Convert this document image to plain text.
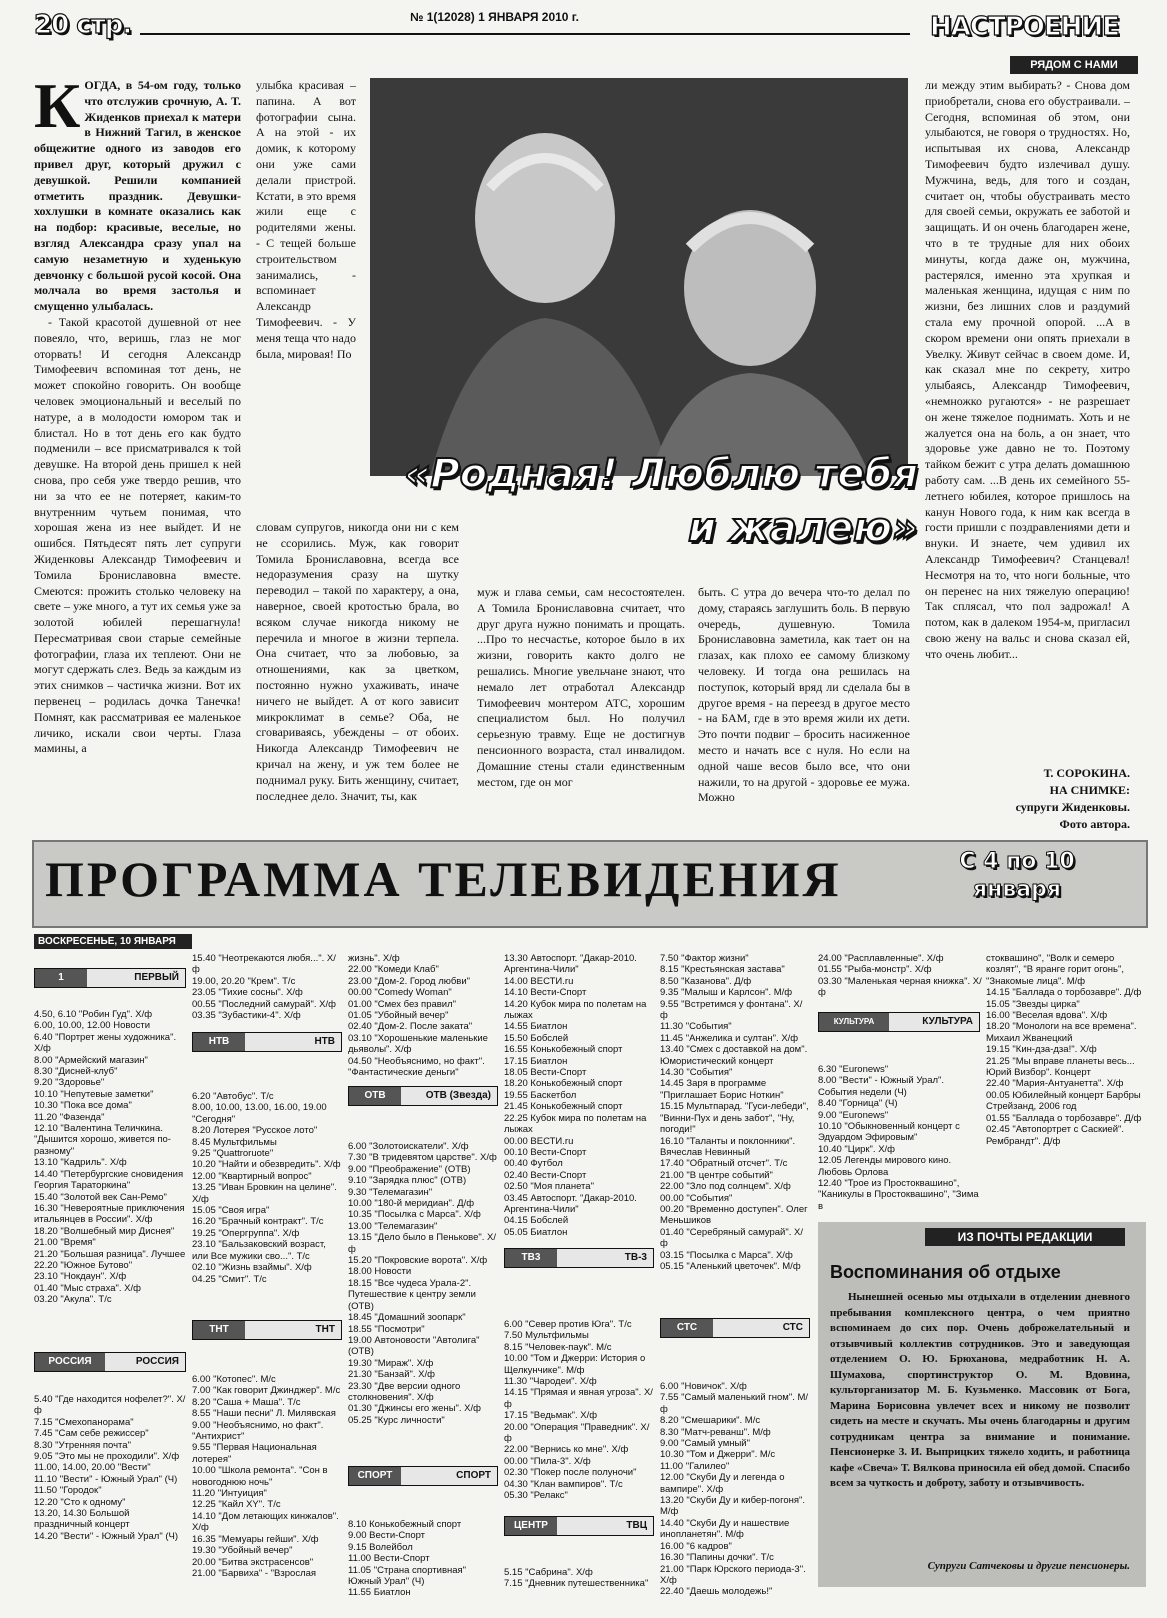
20 стр.	№ 1(12028) 1 ЯНВАРЯ 2010 г.	НАСТРОЕНИЕ
РЯДОМ С НАМИ

КОГДА, в 54-ом году, только что отслужив срочную, А. Т. Жиденков приехал к матери в Нижний Тагил, в женское общежитие одного из заводов его привел друг, который дружил с девушкой. Решили компанией отметить праздник. Девушки-хохлушки в комнате оказались как на подбор: красивые, веселые, но взгляд Александра сразу упал на самую незаметную и худенькую девчонку с большой русой косой. Она молчала во время застолья и смущенно улыбалась.

- Такой красотой душевной от нее повеяло, что, веришь, глаз не мог оторвать! И сегодня Александр Тимофеевич вспоминая тот день, не может спокойно говорить. Он вообще человек эмоциональный и веселый по натуре, а в молодости юмором так и блистал. Но в тот день его как будто подменили – все присматривался к той девушке. На второй день пришел к ней снова, про себя уже твердо решив, что ни за что ее не потеряет, каким-то внутренним чутьем понимая, что хорошая жена из нее выйдет. И не ошибся. Пятьдесят пять лет супруги Жиденковы Александр Тимофеевич и Томила Брониславовна вместе. Смеются: прожить столько человеку на свете – уже много, а тут их семья уже за золотой юбилей перешагнула! Пересматривая свои старые семейные фотографии, глаза их теплеют. Они не могут сдержать слез. Ведь за каждым из этих снимков – частичка жизни. Вот их первенец – родилась дочка Танечка! Помнят, как рассматривая ее маленькое личико, искали свои черты. Глаза мамины, а

улыбка красивая – папина. А вот фотографии сына. А на этой - их домик, к которому они уже сами делали пристрой. Кстати, в это время жили еще с родителями жены. - С тещей больше строительством занимались, - вспоминает Александр Тимофеевич. - У меня теща что надо была, мировая! По

«Родная! Люблю тебя
и жалею»

словам супругов, никогда они ни с кем не ссорились. Муж, как говорит Томила Брониславовна, всегда все недоразумения сразу на шутку переводил – такой по характеру, а она, наверное, своей кротостью брала, во всяком случае никогда никому не перечила и многое в жизни терпела. Она считает, что за любовью, за отношениями, как за цветком, постоянно нужно ухаживать, иначе ничего не выйдет. А от кого зависит микроклимат в семье? Оба, не сговариваясь, убеждены – от обоих. Никогда Александр Тимофеевич не кричал на жену, и уж тем более не поднимал руку. Бить женщину, считает, последнее дело. Значит, ты, как

муж и глава семьи, сам несостоятелен. А Томила Брониславовна считает, что друг друга нужно понимать и прощать. ...Про то несчастье, которое было в их жизни, говорить както долго не решались. Многие увельчане знают, что немало лет отработал Александр Тимофеевич монтером АТС, хорошим специалистом был. Но получил серьезную травму. Еще не достигнув пенсионного возраста, стал инвалидом. Домашние стены стали единственным местом, где он мог

быть. С утра до вечера что-то делал по дому, стараясь заглушить боль. В первую очередь, душевную. Томила Брониславовна заметила, как тает он на глазах, как плохо ее самому близкому человеку. И тогда она решилась на поступок, который вряд ли сделала бы в другое время - на переезд в другое место - на БАМ, где в это время жили их дети. Это почти подвиг – бросить насиженное место и начать все с нуля. Но если на одной чаше весов было все, что они нажили, то на другой - здоровье ее мужа. Можно

ли между этим выбирать? - Снова дом приобретали, снова его обустраивали. – Сегодня, вспоминая об этом, они улыбаются, не говоря о трудностях. Но, испытывая их снова, Александр Тимофеевич будто излечивал душу. Мужчина, ведь, для того и создан, считает он, чтобы обустраивать место для своей семьи, окружать ее заботой и защищать. И он очень благодарен жене, что в те трудные для них обоих минуты, когда даже он, мужчина, растерялся, именно эта хрупкая и маленькая женщина, идущая с ним по жизни, без лишних слов и раздумий стала ему прочной опорой. ...А в скором времени они опять приехали в Увелку. Живут сейчас в своем доме. И, как сказал мне по секрету, хитро улыбаясь, Александр Тимофеевич, «немножко ругаются» - не разрешает он жене тяжелое поднимать. Хоть и не жалуется она на боль, а он знает, что здоровье уже давно не то. Поэтому тайком бежит с утра делать домашнюю работу сам. ...В день их семейного 55-летнего юбилея, которое пришлось на канун Нового года, к ним как всегда в гости пришли с поздравлениями дети и внуки. И знаете, чем удивил их Александр Тимофеевич? Станцевал! Несмотря на то, что ноги больные, что он перенес на них тяжелую операцию! Так сплясал, что пол задрожал! А потом, как в далеком 1954-м, пригласил свою жену на вальс и снова сказал ей, что очень любит...

Т. СОРОКИНА.
НА СНИМКЕ:
супруги Жиденковы.
Фото автора.
ПРОГРАММА ТЕЛЕВИДЕНИЯ	С 4 по 10
января
ВОСКРЕСЕНЬЕ, 10 ЯНВАРЯ
1	ПЕРВЫЙ

4.50, 6.10 "Робин Гуд". Х/ф
6.00, 10.00, 12.00 Новости
6.40 "Портрет жены художника". Х/ф
8.00 "Армейский магазин"
8.30 "Дисней-клуб"
9.20 "Здоровье"
10.10 "Непутевые заметки"
10.30 "Пока все дома"
11.20 "Фазенда"
12.10 "Валентина Теличкина. "Дышится хорошо, живется по-разному"
13.10 "Кадриль". Х/ф
14.40 "Петербургские сновидения Георгия Тараторкина"
15.40 "Золотой век Сан-Ремо"
16.30 "Невероятные приключения итальянцев в России". Х/ф
18.20 "Волшебный мир Диснея"
21.00 "Время"
21.20 "Большая разница". Лучшее
22.20 "Южное Бутово"
23.10 "Нокдаун". Х/ф
01.40 "Мыс страха". Х/ф
03.20 "Акула". Т/с

РОССИЯ	РОССИЯ

5.40 "Где находится нофелет?". Х/ф
7.15 "Смехопанорама"
7.45 "Сам себе режиссер"
8.30 "Утренняя почта"
9.05 "Это мы не проходили". Х/ф
11.00, 14.00, 20.00 "Вести"
11.10 "Вести" - Южный Урал" (Ч)
11.50 "Городок"
12.20 "Сто к одному"
13.20, 14.30 Большой праздничный концерт
14.20 "Вести" - Южный Урал" (Ч)

15.40 "Неотрекаются любя...". Х/ф
19.00, 20.20 "Крем". Т/с
23.05 "Тихие сосны". Х/ф
00.55 "Последний самурай". Х/ф
03.35 "Зубастики-4". Х/ф

НТВ	НТВ

6.20 "Автобус". Т/с
8.00, 10.00, 13.00, 16.00, 19.00 "Сегодня"
8.20 Лотерея "Русское лото"
8.45 Мультфильмы
9.25 "Quattroruote"
10.20 "Найти и обезвредить". Х/ф
12.00 "Квартирный вопрос"
13.25 "Иван Бровкин на целине". Х/ф
15.05 "Своя игра"
16.20 "Брачный контракт". Т/с
19.25 "Опергруппа". Х/ф
23.10 "Бальзаковский возраст, или Все мужики сво...". Т/с
02.10 "Жизнь взаймы". Х/ф
04.25 "Смит". Т/с

ТНТ	ТНТ

6.00 "Котопес". М/с
7.00 "Как говорит Джинджер". М/с
8.20 "Саша + Маша". Т/с
8.55 "Наши песни" Л. Милявская
9.00 "Необъяснимо, но факт". "Антихрист"
9.55 "Первая Национальная лотерея"
10.00 "Школа ремонта". "Сон в новогоднюю ночь"
11.20 "Интуиция"
12.25 "Кайл XY". Т/с
14.10 "Дом летающих кинжалов". Х/ф
16.35 "Мемуары гейши". Х/ф
19.30 "Убойный вечер"
20.00 "Битва экстрасенсов"
21.00 "Барвиха" - "Взрослая

жизнь". Х/ф
22.00 "Комеди Клаб"
23.00 "Дом-2. Город любви"
00.00 "Comedy Woman"
01.00 "Смех без правил"
01.05 "Убойный вечер"
02.40 "Дом-2. После заката"
03.10 "Хорошенькие маленькие дьяволы". Х/ф
04.50 "Необъяснимо, но факт". "Фантастические деньги"

ОТВ	ОТВ (Звезда)

6.00 "Золотоискатели". Х/ф
7.30 "В тридевятом царстве". Х/ф
9.00 "Преображение" (ОТВ)
9.10 "Зарядка плюс" (ОТВ)
9.30 "Телемагазин"
10.00 "180-й меридиан". Д/ф
10.35 "Посылка с Марса". Х/ф
13.00 "Телемагазин"
13.15 "Дело было в Пенькове". Х/ф
15.20 "Покровские ворота". Х/ф
18.00 Новости
18.15 "Все чудеса Урала-2". Путешествие к центру земли (ОТВ)
18.45 "Домашний зоопарк"
18.55 "Посмотри"
19.00 Автоновости "Автолига" (ОТВ)
19.30 "Мираж". Х/ф
21.30 "Банзай". Х/ф
23.30 "Две версии одного столкновения". Х/ф
01.30 "Джинсы его жены". Х/ф
05.25 "Курс личности"

СПОРТ	СПОРТ

8.10 Конькобежный спорт
9.00 Вести-Спорт
9.15 Волейбол
11.00 Вести-Спорт
11.05 "Страна спортивная" Южный Урал" (Ч)
11.55 Биатлон

13.30 Автоспорт. "Дакар-2010. Аргентина-Чили"
14.00 ВЕСТИ.ru
14.10 Вести-Спорт
14.20 Кубок мира по полетам на лыжах
14.55 Биатлон
15.50 Бобслей
16.55 Конькобежный спорт
17.15 Биатлон
18.05 Вести-Спорт
18.20 Конькобежный спорт
19.55 Баскетбол
21.45 Конькобежный спорт
22.25 Кубок мира по полетам на лыжах
00.00 ВЕСТИ.ru
00.10 Вести-Спорт
00.40 Футбол
02.40 Вести-Спорт
02.50 "Моя планета"
03.45 Автоспорт. "Дакар-2010. Аргентина-Чили"
04.15 Бобслей
05.05 Биатлон

ТВ3	ТВ-3

6.00 "Север против Юга". Т/с
7.50 Мультфильмы
8.15 "Человек-паук". М/с
10.00 "Том и Джерри: История о Щелкунчике". М/ф
11.30 "Чародеи". Х/ф
14.15 "Прямая и явная угроза". Х/ф
17.15 "Ведьмак". Х/ф
20.00 "Операция "Праведник". Х/ф
22.00 "Вернись ко мне". Х/ф
00.00 "Пила-3". Х/ф
02.30 "Покер после полуночи"
04.30 "Клан вампиров". Т/с
05.30 "Релакс"

ЦЕНТР	ТВЦ

5.15 "Сабрина". Х/ф
7.15 "Дневник путешественника"

7.50 "Фактор жизни"
8.15 "Крестьянская застава"
8.50 "Казанова". Д/ф
9.35 "Малыш и Карлсон". М/ф
9.55 "Встретимся у фонтана". Х/ф
11.30 "События"
11.45 "Анжелика и султан". Х/ф
13.40 "Смех с доставкой на дом". Юмористический концерт
14.30 "События"
14.45 Заря в программе "Приглашает Борис Ноткин"
15.15 Мультпарад. "Гуси-лебеди", "Винни-Пух и день забот", "Ну, погоди!"
16.10 "Таланты и поклонники". Вячеслав Невинный
17.40 "Обратный отсчет". Т/с
21.00 "В центре событий"
22.00 "Зло под солнцем". Х/ф
00.00 "События"
00.20 "Временно доступен". Олег Меньшиков
01.40 "Серебряный самурай". Х/ф
03.15 "Посылка с Марса". Х/ф
05.15 "Аленький цветочек". М/ф

СТС	СТС

6.00 "Новичок". Х/ф
7.55 "Самый маленький гном". М/ф
8.20 "Смешарики". М/с
8.30 "Матч-реванш". М/ф
9.00 "Самый умный"
10.30 "Том и Джерри". М/с
11.00 "Галилео"
12.00 "Скуби Ду и легенда о вампире". Х/ф
13.20 "Скуби Ду и кибер-погоня". М/ф
14.40 "Скуби Ду и нашествие инопланетян". М/ф
16.00 "6 кадров"
16.30 "Папины дочки". Т/с
21.00 "Парк Юрского периода-3". Х/ф
22.40 "Даешь молодежь!"

24.00 "Расплавленные". Х/ф
01.55 "Рыба-монстр". Х/ф
03.30 "Маленькая черная книжка". Х/ф

КУЛЬТУРА	КУЛЬТУРА

6.30 "Euronews"
8.00 "Вести" - Южный Урал". События недели (Ч)
8.40 "Горница" (Ч)
9.00 "Euronews"
10.10 "Обыкновенный концерт с Эдуардом Эфировым"
10.40 "Цирк". Х/ф
12.05 Легенды мирового кино. Любовь Орлова
12.40 "Трое из Простоквашино", "Каникулы в Простоквашино", "Зима в

стоквашино", "Волк и семеро козлят", "В яранге горит огонь", "Знакомые лица". М/ф
14.15 "Баллада о торбозавре". Д/ф
15.05 "Звезды цирка"
16.00 "Веселая вдова". Х/ф
18.20 "Монологи на все времена". Михаил Жванецкий
19.15 "Кин-дза-дза!". Х/ф
21.25 "Мы вправе планеты весь... Юрий Визбор". Концерт
22.40 "Мария-Антуанетта". Х/ф
00.05 Юбилейный концерт Барбры Стрейзанд, 2006 год
01.55 "Баллада о торбозавре". Д/ф
02.45 "Автопортрет с Саскией". Рембрандт". Д/ф

ИЗ ПОЧТЫ РЕДАКЦИИ
Воспоминания об отдыхе
Нынешней осенью мы отдыхали в отделении дневного пребывания комплексного центра, о чем приятно вспоминаем до сих пор. Очень доброжелательный и отзывчивый коллектив сотрудников. Это и заведующая отделением О. Ю. Брюханова, медработник Н. А. Шумахова, спортинструктор О. М. Вдовина, культорганизатор М. Б. Кузьменко. Массовик от Бога, Марина Борисовна увлечет всех и никому не позволит сидеть на месте и скучать. Мы очень благодарны и другим сотрудникам центра за внимание и понимание. Пенсионерке З. И. Выприцких тяжело ходить, и работница кафе «Свеча» Т. Вялкова приносила ей обед домой. Спасибо всем за чуткость и доброту, заботу и отзывчивость.
Супруги Сатчековы и другие пенсионеры.
